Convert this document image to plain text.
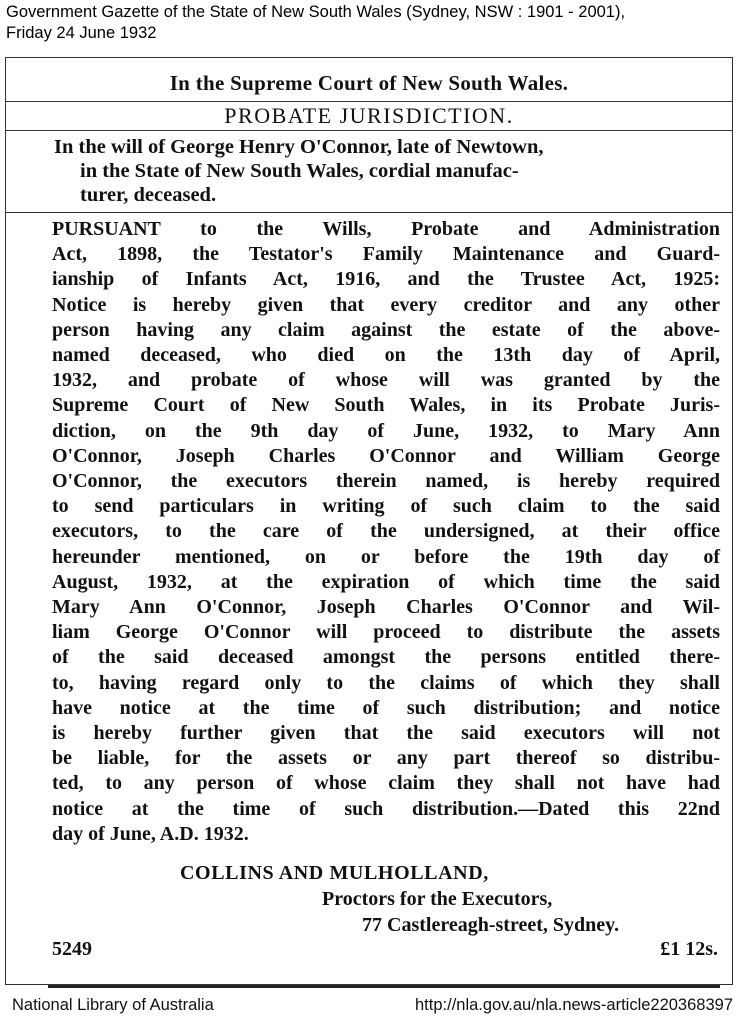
Government Gazette of the State of New South Wales (Sydney, NSW : 1901 - 2001),
Friday 24 June 1932
In the Supreme Court of New South Wales.
PROBATE JURISDICTION.
In the will of George Henry O'Connor, late of Newtown,
in the State of New South Wales, cordial manufac-
turer, deceased.
PURSUANT to the Wills, Probate and Administration
Act, 1898, the Testator's Family Maintenance and Guard-
ianship of Infants Act, 1916, and the Trustee Act, 1925:
Notice is hereby given that every creditor and any other
person having any claim against the estate of the above-
named deceased, who died on the 13th day of April,
1932, and probate of whose will was granted by the
Supreme Court of New South Wales, in its Probate Juris-
diction, on the 9th day of June, 1932, to Mary Ann
O'Connor, Joseph Charles O'Connor and William George
O'Connor, the executors therein named, is hereby required
to send particulars in writing of such claim to the said
executors, to the care of the undersigned, at their office
hereunder mentioned, on or before the 19th day of
August, 1932, at the expiration of which time the said
Mary Ann O'Connor, Joseph Charles O'Connor and Wil-
liam George O'Connor will proceed to distribute the assets
of the said deceased amongst the persons entitled there-
to, having regard only to the claims of which they shall
have notice at the time of such distribution; and notice
is hereby further given that the said executors will not
be liable, for the assets or any part thereof so distribu-
ted, to any person of whose claim they shall not have had
notice at the time of such distribution.—Dated this 22nd
day of June, A.D. 1932.
COLLINS AND MULHOLLAND,
Proctors for the Executors,
77 Castlereagh-street, Sydney.
5249	£1 12s.
National Library of Australia	http://nla.gov.au/nla.news-article220368397
